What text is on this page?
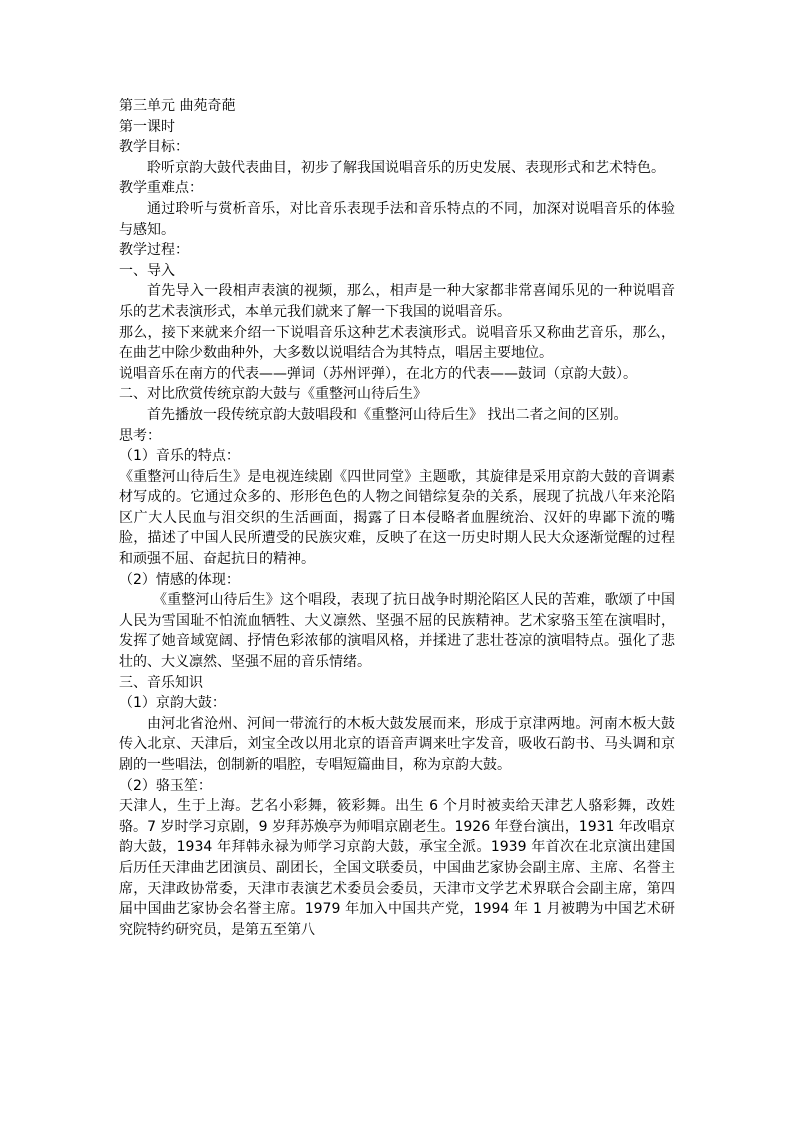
第三单元 曲苑奇葩

第一课时

教学目标：

聆听京韵大鼓代表曲目，初步了解我国说唱音乐的历史发展、表现形式和艺术特色。

教学重难点：

通过聆听与赏析音乐，对比音乐表现手法和音乐特点的不同，加深对说唱音乐的体验与感知。

教学过程：

一、导入

首先导入一段相声表演的视频，那么，相声是一种大家都非常喜闻乐见的一种说唱音乐的艺术表演形式，本单元我们就来了解一下我国的说唱音乐。

那么，接下来就来介绍一下说唱音乐这种艺术表演形式。说唱音乐又称曲艺音乐，那么，在曲艺中除少数曲种外，大多数以说唱结合为其特点，唱居主要地位。

说唱音乐在南方的代表——弹词（苏州评弹），在北方的代表——鼓词（京韵大鼓）。

二、对比欣赏传统京韵大鼓与《重整河山待后生》

首先播放一段传统京韵大鼓唱段和《重整河山待后生》 找出二者之间的区别。

思考：

（1）音乐的特点：

《重整河山待后生》是电视连续剧《四世同堂》主题歌，其旋律是采用京韵大鼓的音调素材写成的。它通过众多的、形形色色的人物之间错综复杂的关系，展现了抗战八年来沦陷区广大人民血与泪交织的生活画面，揭露了日本侵略者血腥统治、汉奸的卑鄙下流的嘴脸，描述了中国人民所遭受的民族灾难，反映了在这一历史时期人民大众逐渐觉醒的过程和顽强不屈、奋起抗日的精神。

（2）情感的体现：

《重整河山待后生》这个唱段，表现了抗日战争时期沦陷区人民的苦难，歌颂了中国人民为雪国耻不怕流血牺牲、大义凛然、坚强不屈的民族精神。艺术家骆玉笙在演唱时，发挥了她音域宽阔、抒情色彩浓郁的演唱风格，并揉进了悲壮苍凉的演唱特点。强化了悲壮的、大义凛然、坚强不屈的音乐情绪。

三、音乐知识

（1）京韵大鼓：

由河北省沧州、河间一带流行的木板大鼓发展而来，形成于京津两地。河南木板大鼓传入北京、天津后，刘宝全改以用北京的语音声调来吐字发音，吸收石韵书、马头调和京剧的一些唱法，创制新的唱腔，专唱短篇曲目，称为京韵大鼓。

（2）骆玉笙：

天津人，生于上海。艺名小彩舞，筱彩舞。出生 6 个月时被卖给天津艺人骆彩舞，改姓骆。7 岁时学习京剧，9 岁拜苏焕亭为师唱京剧老生。1926 年登台演出，1931 年改唱京韵大鼓，1934 年拜韩永禄为师学习京韵大鼓，承宝全派。1939 年首次在北京演出建国后历任天津曲艺团演员、副团长，全国文联委员，中国曲艺家协会副主席、主席、名誉主席，天津政协常委，天津市表演艺术委员会委员，天津市文学艺术界联合会副主席，第四届中国曲艺家协会名誉主席。1979 年加入中国共产党，1994 年 1 月被聘为中国艺术研究院特约研究员，是第五至第八
